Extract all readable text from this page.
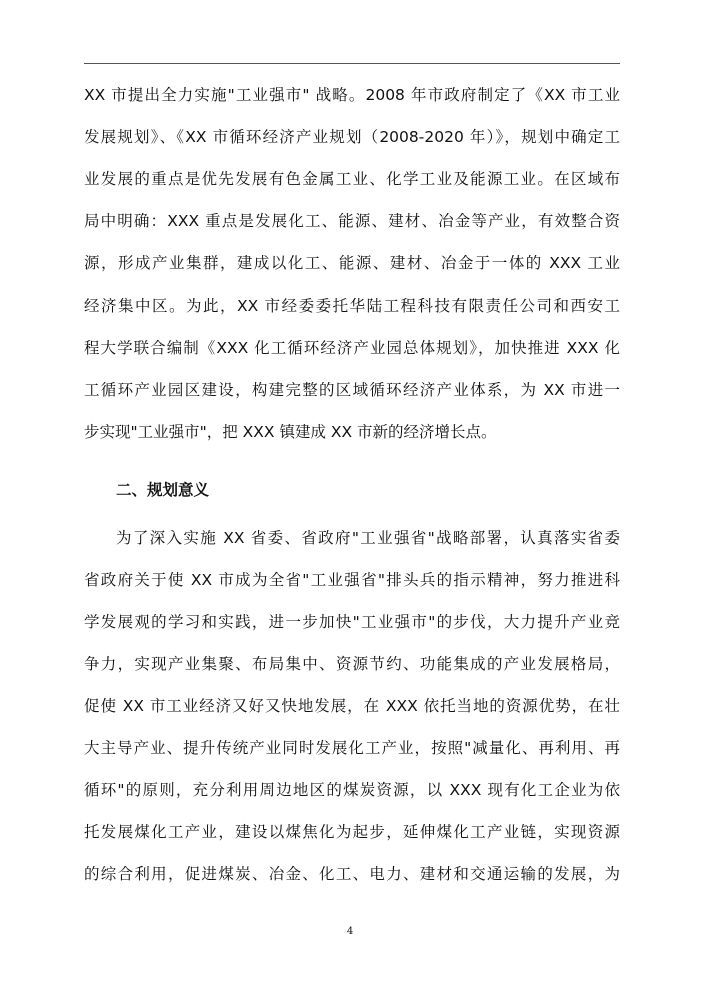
XX 市提出全力实施"工业强市" 战略。2008 年市政府制定了《XX 市工业
发展规划》、《XX 市循环经济产业规划（2008-2020 年）》，规划中确定工
业发展的重点是优先发展有色金属工业、化学工业及能源工业。在区域布
局中明确：XXX 重点是发展化工、能源、建材、冶金等产业，有效整合资
源，形成产业集群，建成以化工、能源、建材、冶金于一体的 XXX 工业
经济集中区。为此，XX 市经委委托华陆工程科技有限责任公司和西安工
程大学联合编制《XXX 化工循环经济产业园总体规划》，加快推进 XXX 化
工循环产业园区建设，构建完整的区域循环经济产业体系，为 XX 市进一
步实现"工业强市"，把 XXX 镇建成 XX 市新的经济增长点。
二、规划意义
为了深入实施 XX 省委、省政府"工业强省"战略部署，认真落实省委
省政府关于使 XX 市成为全省"工业强省"排头兵的指示精神，努力推进科
学发展观的学习和实践，进一步加快"工业强市"的步伐，大力提升产业竞
争力，实现产业集聚、布局集中、资源节约、功能集成的产业发展格局，
促使 XX 市工业经济又好又快地发展，在 XXX 依托当地的资源优势，在壮
大主导产业、提升传统产业同时发展化工产业，按照"减量化、再利用、再
循环"的原则，充分利用周边地区的煤炭资源，以 XXX 现有化工企业为依
托发展煤化工产业，建设以煤焦化为起步，延伸煤化工产业链，实现资源
的综合利用，促进煤炭、冶金、化工、电力、建材和交通运输的发展，为
4
